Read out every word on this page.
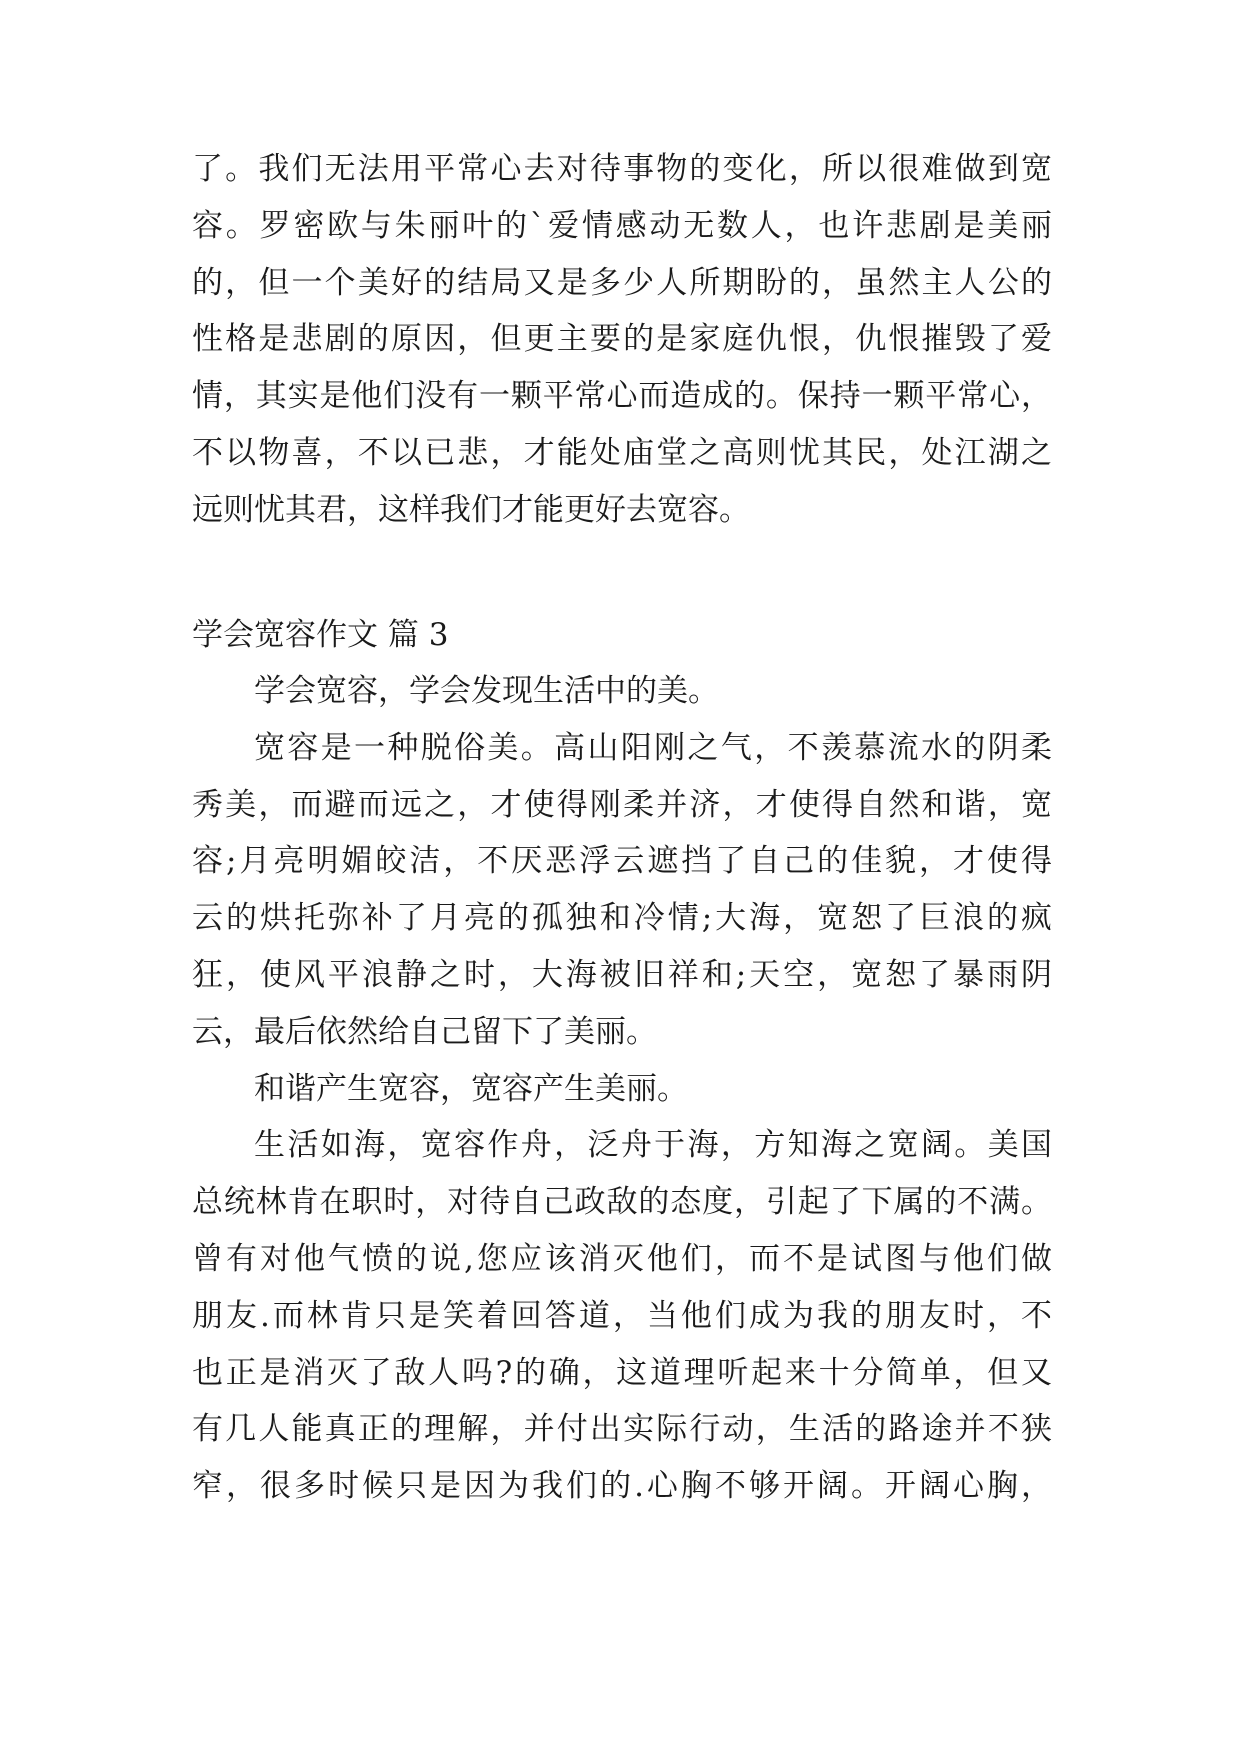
了。我们无法用平常心去对待事物的变化，所以很难做到宽
容。罗密欧与朱丽叶的`爱情感动无数人，也许悲剧是美丽
的，但一个美好的结局又是多少人所期盼的，虽然主人公的
性格是悲剧的原因，但更主要的是家庭仇恨，仇恨摧毁了爱
情，其实是他们没有一颗平常心而造成的。保持一颗平常心，
不以物喜，不以已悲，才能处庙堂之高则忧其民，处江湖之
远则忧其君，这样我们才能更好去宽容。
学会宽容作文 篇 3
学会宽容，学会发现生活中的美。
宽容是一种脱俗美。高山阳刚之气，不羡慕流水的阴柔
秀美，而避而远之，才使得刚柔并济，才使得自然和谐，宽
容;月亮明媚皎洁，不厌恶浮云遮挡了自己的佳貌，才使得
云的烘托弥补了月亮的孤独和冷情;大海，宽恕了巨浪的疯
狂，使风平浪静之时，大海被旧祥和;天空，宽恕了暴雨阴
云，最后依然给自己留下了美丽。
和谐产生宽容，宽容产生美丽。
生活如海，宽容作舟，泛舟于海，方知海之宽阔。美国
总统林肯在职时，对待自己政敌的态度，引起了下属的不满。
曾有对他气愤的说,您应该消灭他们，而不是试图与他们做
朋友.而林肯只是笑着回答道，当他们成为我的朋友时，不
也正是消灭了敌人吗?的确，这道理听起来十分简单，但又
有几人能真正的理解，并付出实际行动，生活的路途并不狭
窄，很多时候只是因为我们的.心胸不够开阔。开阔心胸，
